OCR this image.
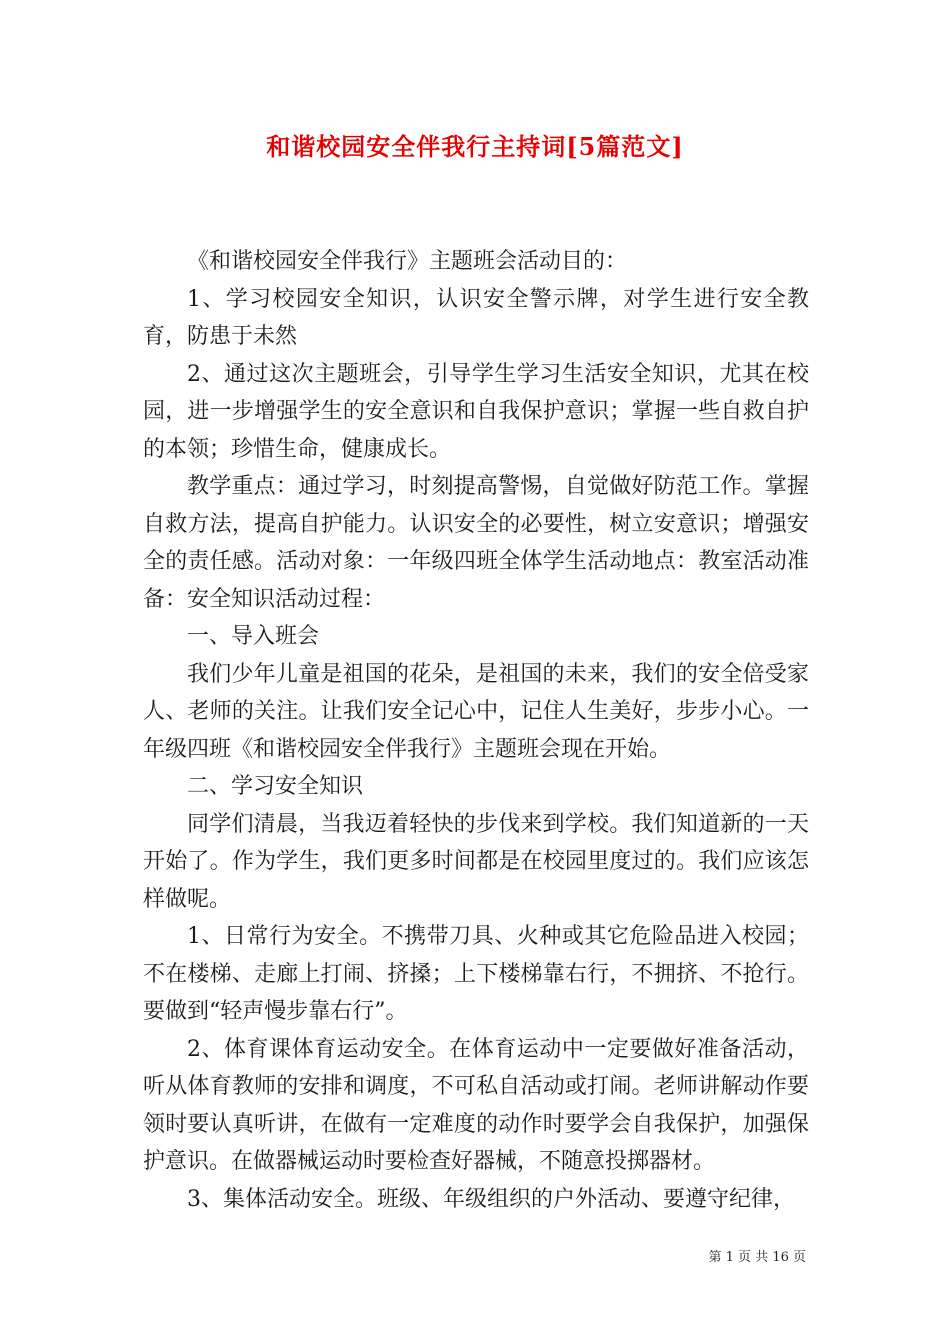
和谐校园安全伴我行主持词[5篇范文]

《和谐校园安全伴我行》主题班会活动目的：

1、学习校园安全知识，认识安全警示牌，对学生进行安全教育，防患于未然

2、通过这次主题班会，引导学生学习生活安全知识，尤其在校园，进一步增强学生的安全意识和自我保护意识；掌握一些自救自护的本领；珍惜生命，健康成长。

教学重点：通过学习，时刻提高警惕，自觉做好防范工作。掌握自救方法，提高自护能力。认识安全的必要性，树立安意识；增强安全的责任感。活动对象：一年级四班全体学生活动地点：教室活动准备：安全知识活动过程：

一、导入班会

我们少年儿童是祖国的花朵，是祖国的未来，我们的安全倍受家人、老师的关注。让我们安全记心中，记住人生美好，步步小心。一年级四班《和谐校园安全伴我行》主题班会现在开始。

二、学习安全知识

同学们清晨，当我迈着轻快的步伐来到学校。我们知道新的一天开始了。作为学生，我们更多时间都是在校园里度过的。我们应该怎样做呢。

1、日常行为安全。不携带刀具、火种或其它危险品进入校园；不在楼梯、走廊上打闹、挤搡；上下楼梯靠右行，不拥挤、不抢行。要做到“轻声慢步靠右行”。

2、体育课体育运动安全。在体育运动中一定要做好准备活动，听从体育教师的安排和调度，不可私自活动或打闹。老师讲解动作要领时要认真听讲，在做有一定难度的动作时要学会自我保护，加强保护意识。在做器械运动时要检查好器械，不随意投掷器材。

3、集体活动安全。班级、年级组织的户外活动、要遵守纪律，

第 1 页 共 16 页
